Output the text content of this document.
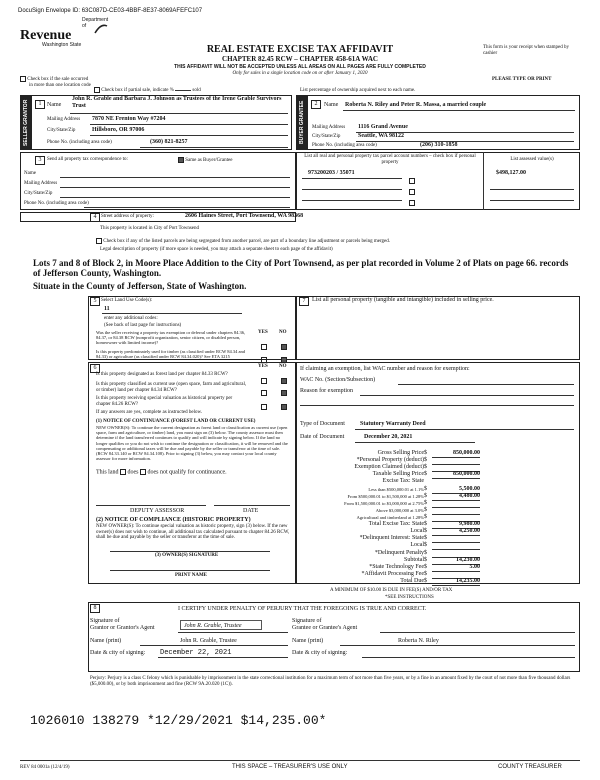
DocuSign Envelope ID: 63C087D-CE03-4BBF-8E37-8069AFEFC107
Department of
Revenue
Washington State	REAL ESTATE EXCISE TAX AFFIDAVIT
CHAPTER 82.45 RCW – CHAPTER 458-61A WAC
THIS AFFIDAVIT WILL NOT BE ACCEPTED UNLESS ALL AREAS ON ALL PAGES ARE FULLY COMPLETED
Only for sales in a single location code on or after January 1, 2020
This form is your receipt when stamped by cashier
PLEASE TYPE OR PRINT
Check box if the sale occurred
in more than one location code
Check box if partial sale, indicate %	sold	List percentage of ownership acquired next to each name.
SELLER GRANTOR	1 Name
John R. Grable and Barbara J. Johnson as Trustees of the Irene Grable Survivors Trust
Mailing Address 7870 NE Frenton Way #7204
City/State/Zip	Hillsboro, OR 97006
Phone No. (including area code)	(360) 821-8257	BUYER GRANTEE	2	Name Roberta N. Riley and Peter R. Massa, a married couple
Mailing Address 1116 Grand Avenue
City/State/Zip	Seattle, WA 98122
Phone No. (including area code)	(206) 310-1858
3	Send all property tax correspondence to:	Same as Buyer/Grantee
Name
Mailing Address
City/State/Zip
Phone No. (including area code)
List all real and personal property tax parcel account numbers – check box if personal property
List assessed value(s)
973200203 / 35071	$498,127.00
4 Street address of property:	2606 Haines Street, Port Townsend, WA 98368
This property is located in City of Port Townsend
Check box if any of the listed parcels are being segregated from another parcel, are part of a boundary line adjustment or parcels being merged.
Legal description of property (if more space is needed, you may attach a separate sheet to each page of the affidavit)
Lots 7 and 8 of Block 2, in Moore Place Addition to the City of Port Townsend, as per plat recorded in Volume 2 of Plats on page 66. records of Jefferson County, Washington.
Situate in the County of Jefferson, State of Washington.
5 Select Land Use Code(s):
11
enter any additional codes:
(See back of last page for instructions)
YES NO
Was the seller receiving a property tax exemption or deferral under chapters 84.36, 84.37, or 84.38 RCW (nonprofit organization, senior citizen, or disabled person, homeowner with limited income)?
Is this property predominately used for timber (as classified under RCW 84.34 and 84.33) or agriculture (as classified under RCW 84.34.020)? See ETA 3215
6	YES NO
Is this property designated as forest land per chapter 84.33 RCW?
Is this property classified as current use (open space, farm and agricultural, or timber) land per chapter 84.34 RCW?
Is this property receiving special valuation as historical property per chapter 84.26 RCW?
If any answers are yes, complete as instructed below.
(1) NOTICE OF CONTINUANCE (FOREST LAND OR CURRENT USE)
NEW OWNER(S): To continue the current designation as forest land or classification as current use (open space, farm and agriculture, or timber) land, you must sign on (3) below. The county assessor must then determine if the land transferred continues to qualify and will indicate by signing below. If the land no longer qualifies or you do not wish to continue the designation or classification, it will be removed and the compensating or additional taxes will be due and payable by the seller or transferor at the time of sale. (RCW 84.33.140 or RCW 84.34.108). Prior to signing (3) below, you may contact your local county assessor for more information.
This land does does not qualify for continuance.
DEPUTY ASSESSOR	DATE
(2) NOTICE OF COMPLIANCE (HISTORIC PROPERTY)
NEW OWNER(S): To continue special valuation as historic property, sign (3) below. If the new owner(s) does not wish to continue, all additional tax calculated pursuant to chapter 84.26 RCW, shall be due and payable by the seller or transferor at the time of sale.
(3) OWNER(S) SIGNATURE
PRINT NAME
7	List all personal property (tangible and intangible) included in selling price.
If claiming an exemption, list WAC number and reason for exemption:
WAC No. (Section/Subsection)
Reason for exemption
Type of Document	Statutory Warranty Deed
Date of Document	December 20, 2021
Gross Selling Price $	850,000.00
*Personal Property (deduct) $
Exemption Claimed (deduct) $
Taxable Selling Price $	850,000.00
Excise Tax: State
Less than $500,000.01 at 1.1% $	5,500.00
From $500,000.01 to $1,500,000 at 1.28% $	4,480.00
From $1,500,000.01 to $3,000,000 at 2.75% $
Above $3,000,000 at 3.0% $
Agricultural and timberland at 1.28% $
Total Excise Tax: State $	9,980.00
Local $	4,250.00
*Delinquent Interest: State $
Local $
*Delinquent Penalty $
Subtotal $	14,230.00
*State Technology Fee $	5.00
*Affidavit Processing Fee $
Total Due $	14,235.00
A MINIMUM OF $10.00 IS DUE IN FEE(S) AND/OR TAX
*SEE INSTRUCTIONS
8	I CERTIFY UNDER PENALTY OF PERJURY THAT THE FOREGOING IS TRUE AND CORRECT.
Signature of
Grantor or Grantor's Agent	John R. Grable, Trustee
Signature of
Grantee or Grantee's Agent
Name (print)	John R. Grable, Trustee	Name (print)	Roberta N. Riley
Date & city of signing: December 22, 2021	Date & city of signing:
Perjury: Perjury is a class C felony which is punishable by imprisonment in the state correctional institution for a maximum term of not more than five years, or by a fine in an amount fixed by the court of not more than five thousand dollars ($5,000.00), or by both imprisonment and fine (RCW 9A.20.020 (1C)).
1026010 138279 *12/29/2021 $14,235.00*
REV 84 0001a (12/4/19)	THIS SPACE – TREASURER'S USE ONLY	COUNTY TREASURER
